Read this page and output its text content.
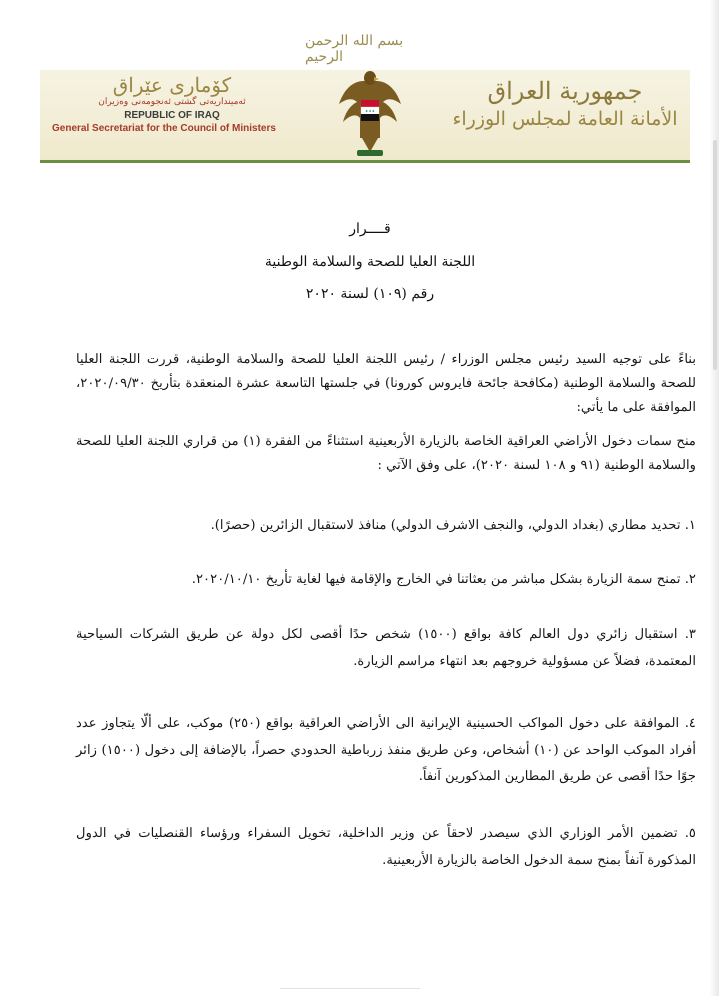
بسم الله الرحمن الرحيم
كۆماری عێراق
ئه‌مینداریه‌تی گشتی ئه‌نجومه‌نی وه‌زیران
REPUBLIC OF IRAQ
General Secretariat for the Council of Ministers
✦✦✦
جمهورية العراق
الأمانة العامة لمجلس الوزراء
قــــرار
اللجنة العليا للصحة والسلامة الوطنية
رقم (١٠٩) لسنة ٢٠٢٠
بناءً على توجيه السيد رئيس مجلس الوزراء / رئيس اللجنة العليا للصحة والسلامة الوطنية، قررت اللجنة العليا للصحة والسلامة الوطنية (مكافحة جائحة فايروس كورونا) في جلستها التاسعة عشرة المنعقدة بتأريخ ٢٠٢٠/٠٩/٣٠، الموافقة على ما يأتي:
منح سمات دخول الأراضي العراقية الخاصة بالزيارة الأربعينية استثناءً من الفقرة (١) من قراري اللجنة العليا للصحة والسلامة الوطنية (٩١ و ١٠٨ لسنة ٢٠٢٠)، على وفق الآتي :
١. تحديد مطاري (بغداد الدولي، والنجف الاشرف الدولي) منافذ لاستقبال الزائرين (حصرًا).
٢. تمنح سمة الزيارة بشكل مباشر من بعثاتنا في الخارج والإقامة فيها لغاية تأريخ ٢٠٢٠/١٠/١٠.
٣. استقبال زائري دول العالم كافة بواقع (١٥٠٠) شخص حدًا أقصى لكل دولة عن طريق الشركات السياحية المعتمدة، فضلاً عن مسؤولية خروجهم بعد انتهاء مراسم الزيارة.
٤. الموافقة على دخول المواكب الحسينية الإيرانية الى الأراضي العراقية بواقع (٢٥٠) موكب، على ألّا يتجاوز عدد أفراد الموكب الواحد عن (١٠) أشخاص، وعن طريق منفذ زرباطية الحدودي حصراً، بالإضافة إلى دخول (١٥٠٠) زائر جوًا حدًا أقصى عن طريق المطارين المذكورين آنفاً.
٥. تضمين الأمر الوزاري الذي سيصدر لاحقاً عن وزير الداخلية، تخويل السفراء ورؤساء القنصليات في الدول المذكورة آنفاً بمنح سمة الدخول الخاصة بالزيارة الأربعينية.
